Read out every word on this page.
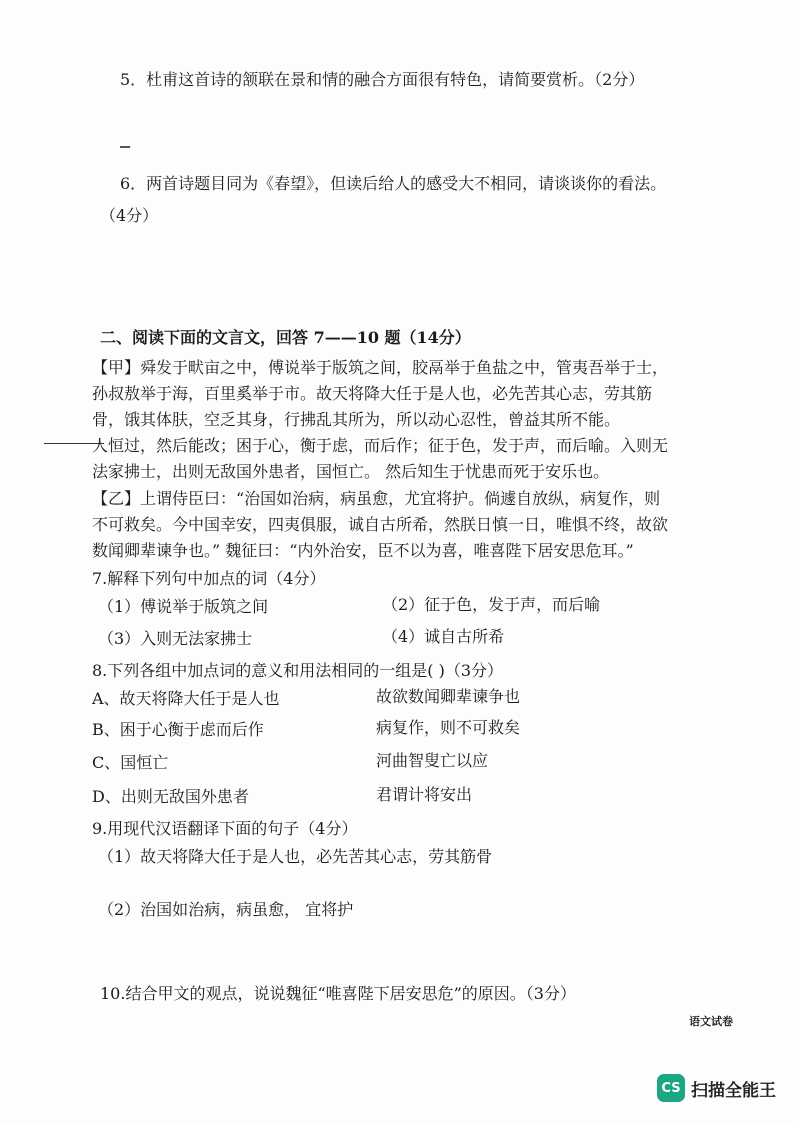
5．杜甫这首诗的颔联在景和情的融合方面很有特色，请简要赏析。（2分）
6．两首诗题目同为《春望》，但读后给人的感受大不相同，请谈谈你的看法。
（4分）
二、阅读下面的文言文，回答 7——10 题（14分）
【甲】舜发于畎亩之中，傅说举于版筑之间，胶鬲举于鱼盐之中，管夷吾举于士，
孙叔敖举于海，百里奚举于市。故天将降大任于是人也，必先苦其心志，劳其筋
骨，饿其体肤，空乏其身，行拂乱其所为，所以动心忍性，曾益其所不能。
人恒过，然后能改；困于心，衡于虑，而后作；征于色，发于声，而后喻。入则无
法家拂士，出则无敌国外患者，国恒亡。 然后知生于忧患而死于安乐也。
【乙】上谓侍臣曰：“治国如治病，病虽愈，尤宜将护。倘遽自放纵，病复作，则
不可救矣。今中国幸安，四夷俱服，诚自古所希，然朕日慎一日，唯惧不终，故欲
数闻卿辈谏争也。” 魏征曰：“内外治安，臣不以为喜，唯喜陛下居安思危耳。”
7.解释下列句中加点的词（4分）
（1）傅说举于版筑之间	（2）征于色，发于声，而后喻
（3）入则无法家拂士	（4）诚自古所希
8.下列各组中加点词的意义和用法相同的一组是( )（3分）
A、故天将降大任于是人也	故欲数闻卿辈谏争也
B、困于心衡于虑而后作	病复作，则不可救矣
C、国恒亡	河曲智叟亡以应
D、出则无敌国外患者	君谓计将安出
9.用现代汉语翻译下面的句子（4分）
（1）故天将降大任于是人也，必先苦其心志，劳其筋骨
（2）治国如治病，病虽愈， 宜将护
10.结合甲文的观点，说说魏征“唯喜陛下居安思危”的原因。（3分）
语文试卷
CS 扫描全能王
